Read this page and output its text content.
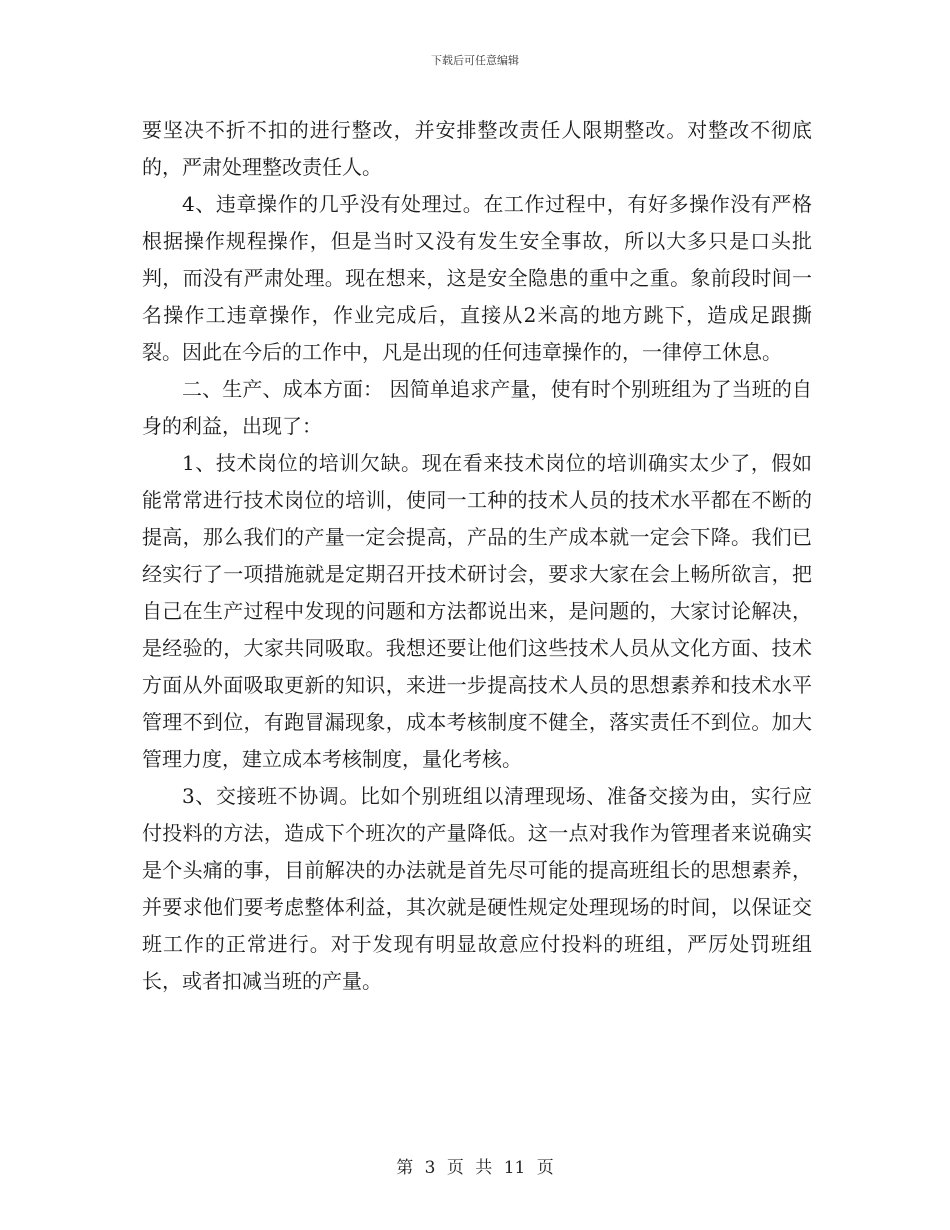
下载后可任意编辑

要坚决不折不扣的进行整改，并安排整改责任人限期整改。对整改不彻底的，严肃处理整改责任人。

4、违章操作的几乎没有处理过。在工作过程中，有好多操作没有严格根据操作规程操作，但是当时又没有发生安全事故，所以大多只是口头批判，而没有严肃处理。现在想来，这是安全隐患的重中之重。象前段时间一名操作工违章操作，作业完成后，直接从2米高的地方跳下，造成足跟撕裂。因此在今后的工作中，凡是出现的任何违章操作的，一律停工休息。

二、生产、成本方面： 因简单追求产量，使有时个别班组为了当班的自身的利益，出现了：

1、技术岗位的培训欠缺。现在看来技术岗位的培训确实太少了，假如能常常进行技术岗位的培训，使同一工种的技术人员的技术水平都在不断的提高，那么我们的产量一定会提高，产品的生产成本就一定会下降。我们已经实行了一项措施就是定期召开技术研讨会，要求大家在会上畅所欲言，把自己在生产过程中发现的问题和方法都说出来，是问题的，大家讨论解决，是经验的，大家共同吸取。我想还要让他们这些技术人员从文化方面、技术方面从外面吸取更新的知识，来进一步提高技术人员的思想素养和技术水平管理不到位，有跑冒漏现象，成本考核制度不健全，落实责任不到位。加大管理力度，建立成本考核制度，量化考核。

3、交接班不协调。比如个别班组以清理现场、准备交接为由，实行应付投料的方法，造成下个班次的产量降低。这一点对我作为管理者来说确实是个头痛的事，目前解决的办法就是首先尽可能的提高班组长的思想素养，并要求他们要考虑整体利益，其次就是硬性规定处理现场的时间，以保证交班工作的正常进行。对于发现有明显故意应付投料的班组，严厉处罚班组长，或者扣减当班的产量。

第 3 页 共 11 页
